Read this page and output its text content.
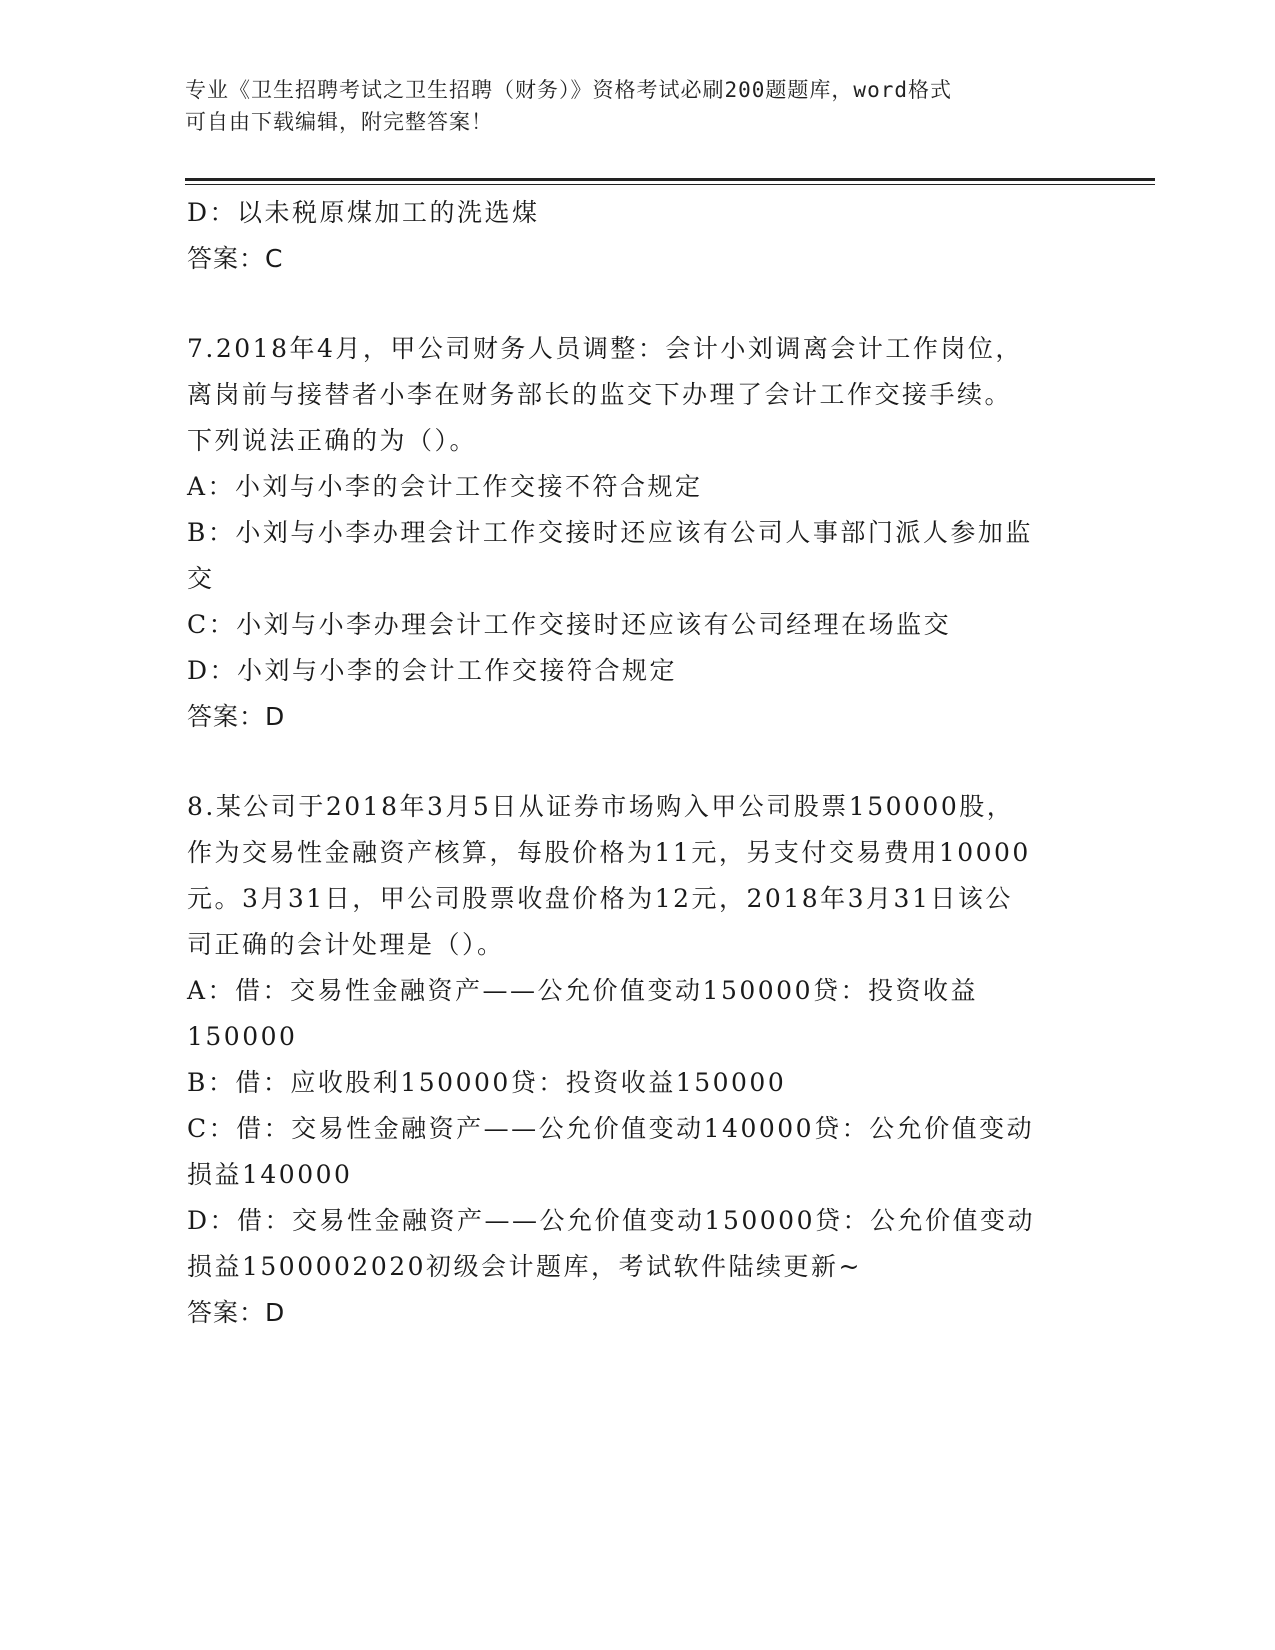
专业《卫生招聘考试之卫生招聘（财务）》资格考试必刷200题题库，word格式
可自由下载编辑，附完整答案！
D：以未税原煤加工的洗选煤
答案：C
7.2018年4月，甲公司财务人员调整：会计小刘调离会计工作岗位，
离岗前与接替者小李在财务部长的监交下办理了会计工作交接手续。
下列说法正确的为（）。
A：小刘与小李的会计工作交接不符合规定
B：小刘与小李办理会计工作交接时还应该有公司人事部门派人参加监
交
C：小刘与小李办理会计工作交接时还应该有公司经理在场监交
D：小刘与小李的会计工作交接符合规定
答案：D
8.某公司于2018年3月5日从证券市场购入甲公司股票150000股，
作为交易性金融资产核算，每股价格为11元，另支付交易费用10000
元。3月31日，甲公司股票收盘价格为12元，2018年3月31日该公
司正确的会计处理是（）。
A：借：交易性金融资产——公允价值变动150000贷：投资收益
150000
B：借：应收股利150000贷：投资收益150000
C：借：交易性金融资产——公允价值变动140000贷：公允价值变动
损益140000
D：借：交易性金融资产——公允价值变动150000贷：公允价值变动
损益1500002020初级会计题库，考试软件陆续更新~
答案：D
